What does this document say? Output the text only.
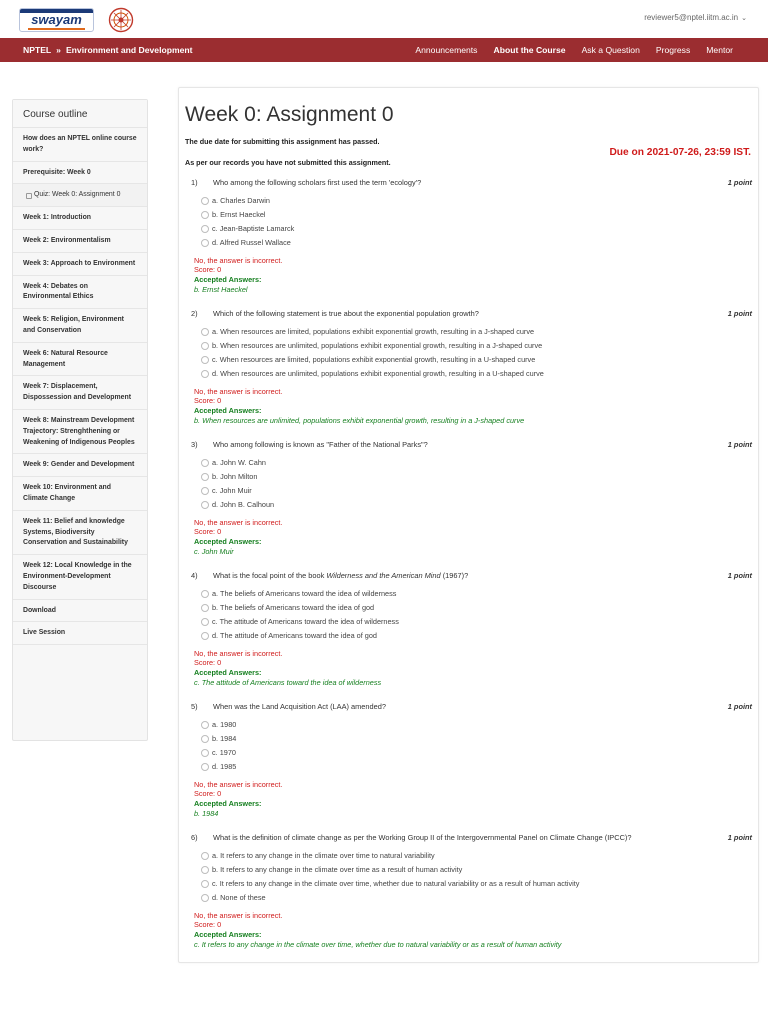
swayam	reviewer5@nptel.iitm.ac.in ⌄
NPTEL » Environment and Development	Announcements About the Course Ask a Question Progress Mentor
Course outline
How does an NPTEL online course work?
Prerequisite: Week 0
Quiz: Week 0: Assignment 0
Week 1: Introduction
Week 2: Environmentalism
Week 3: Approach to Environment
Week 4: Debates on Environmental Ethics
Week 5: Religion, Environment and Conservation
Week 6: Natural Resource Management
Week 7: Displacement, Dispossession and Development
Week 8: Mainstream Development Trajectory: Strenghthening or Weakening of Indigenous Peoples
Week 9: Gender and Development
Week 10: Environment and Climate Change
Week 11: Belief and knowledge Systems, Biodiversity Conservation and Sustainability
Week 12: Local Knowledge in the Environment-Development Discourse
Download
Live Session
Week 0: Assignment 0
The due date for submitting this assignment has passed.
Due on 2021-07-26, 23:59 IST.
As per our records you have not submitted this assignment.
1)	Who among the following scholars first used the term 'ecology'?	1 point
a. Charles Darwin
b. Ernst Haeckel
c. Jean-Baptiste Lamarck
d. Alfred Russel Wallace
No, the answer is incorrect.
Score: 0
Accepted Answers:
b. Ernst Haeckel
2)	Which of the following statement is true about the exponential population growth?	1 point
a. When resources are limited, populations exhibit exponential growth, resulting in a J-shaped curve
b. When resources are unlimited, populations exhibit exponential growth, resulting in a J-shaped curve
c. When resources are limited, populations exhibit exponential growth, resulting in a U-shaped curve
d. When resources are unlimited, populations exhibit exponential growth, resulting in a U-shaped curve
No, the answer is incorrect.
Score: 0
Accepted Answers:
b. When resources are unlimited, populations exhibit exponential growth, resulting in a J-shaped curve
3)	Who among following is known as "Father of the National Parks"?	1 point
a. John W. Cahn
b. John Milton
c. John Muir
d. John B. Calhoun
No, the answer is incorrect.
Score: 0
Accepted Answers:
c. John Muir
4)	What is the focal point of the book Wilderness and the American Mind (1967)?	1 point
a. The beliefs of Americans toward the idea of wilderness
b. The beliefs of Americans toward the idea of god
c. The attitude of Americans toward the idea of wilderness
d. The attitude of Americans toward the idea of god
No, the answer is incorrect.
Score: 0
Accepted Answers:
c. The attitude of Americans toward the idea of wilderness
5)	When was the Land Acquisition Act (LAA) amended?	1 point
a. 1980
b. 1984
c. 1970
d. 1985
No, the answer is incorrect.
Score: 0
Accepted Answers:
b. 1984
6)	What is the definition of climate change as per the Working Group II of the Intergovernmental Panel on Climate Change (IPCC)?	1 point
a. It refers to any change in the climate over time to natural variability
b. It refers to any change in the climate over time as a result of human activity
c. It refers to any change in the climate over time, whether due to natural variability or as a result of human activity
d. None of these
No, the answer is incorrect.
Score: 0
Accepted Answers:
c. It refers to any change in the climate over time, whether due to natural variability or as a result of human activity
